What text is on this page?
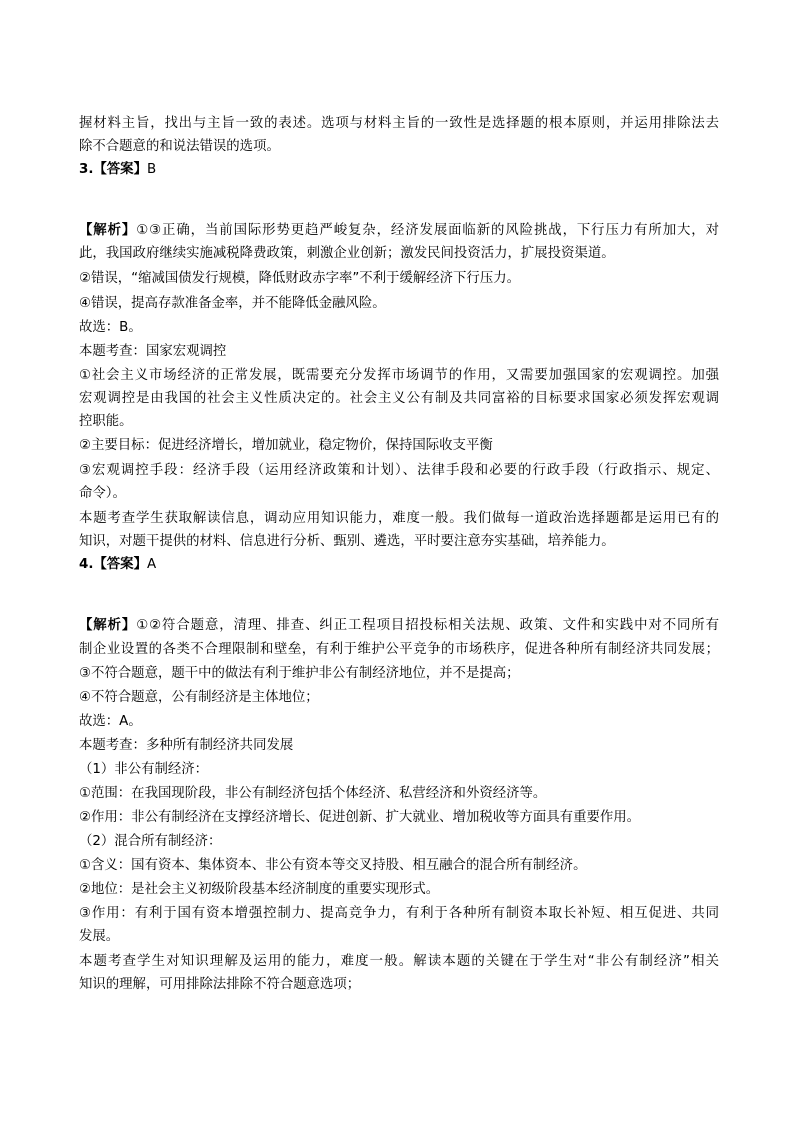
握材料主旨，找出与主旨一致的表述。选项与材料主旨的一致性是选择题的根本原则，并运用排除法去
除不合题意的和说法错误的选项。
3.【答案】B
【解析】①③正确，当前国际形势更趋严峻复杂，经济发展面临新的风险挑战，下行压力有所加大，对
此，我国政府继续实施减税降费政策，刺激企业创新；激发民间投资活力，扩展投资渠道。
②错误，“缩减国债发行规模，降低财政赤字率”不利于缓解经济下行压力。
④错误，提高存款准备金率，并不能降低金融风险。
故选：B。
本题考查：国家宏观调控
①社会主义市场经济的正常发展，既需要充分发挥市场调节的作用，又需要加强国家的宏观调控。加强
宏观调控是由我国的社会主义性质决定的。社会主义公有制及共同富裕的目标要求国家必须发挥宏观调
控职能。
②主要目标：促进经济增长，增加就业，稳定物价，保持国际收支平衡
③宏观调控手段：经济手段（运用经济政策和计划）、法律手段和必要的行政手段（行政指示、规定、
命令）。
本题考查学生获取解读信息，调动应用知识能力，难度一般。我们做每一道政治选择题都是运用已有的
知识，对题干提供的材料、信息进行分析、甄别、遴选，平时要注意夯实基础，培养能力。
4.【答案】A
【解析】①②符合题意，清理、排查、纠正工程项目招投标相关法规、政策、文件和实践中对不同所有
制企业设置的各类不合理限制和壁垒，有利于维护公平竞争的市场秩序，促进各种所有制经济共同发展；
③不符合题意，题干中的做法有利于维护非公有制经济地位，并不是提高；
④不符合题意，公有制经济是主体地位；
故选：A。
本题考查：多种所有制经济共同发展
（1）非公有制经济：
①范围：在我国现阶段，非公有制经济包括个体经济、私营经济和外资经济等。
②作用：非公有制经济在支撑经济增长、促进创新、扩大就业、增加税收等方面具有重要作用。
（2）混合所有制经济：
①含义：国有资本、集体资本、非公有资本等交叉持股、相互融合的混合所有制经济。
②地位：是社会主义初级阶段基本经济制度的重要实现形式。
③作用：有利于国有资本增强控制力、提高竞争力，有利于各种所有制资本取长补短、相互促进、共同
发展。
本题考查学生对知识理解及运用的能力，难度一般。解读本题的关键在于学生对“非公有制经济”相关
知识的理解，可用排除法排除不符合题意选项；
